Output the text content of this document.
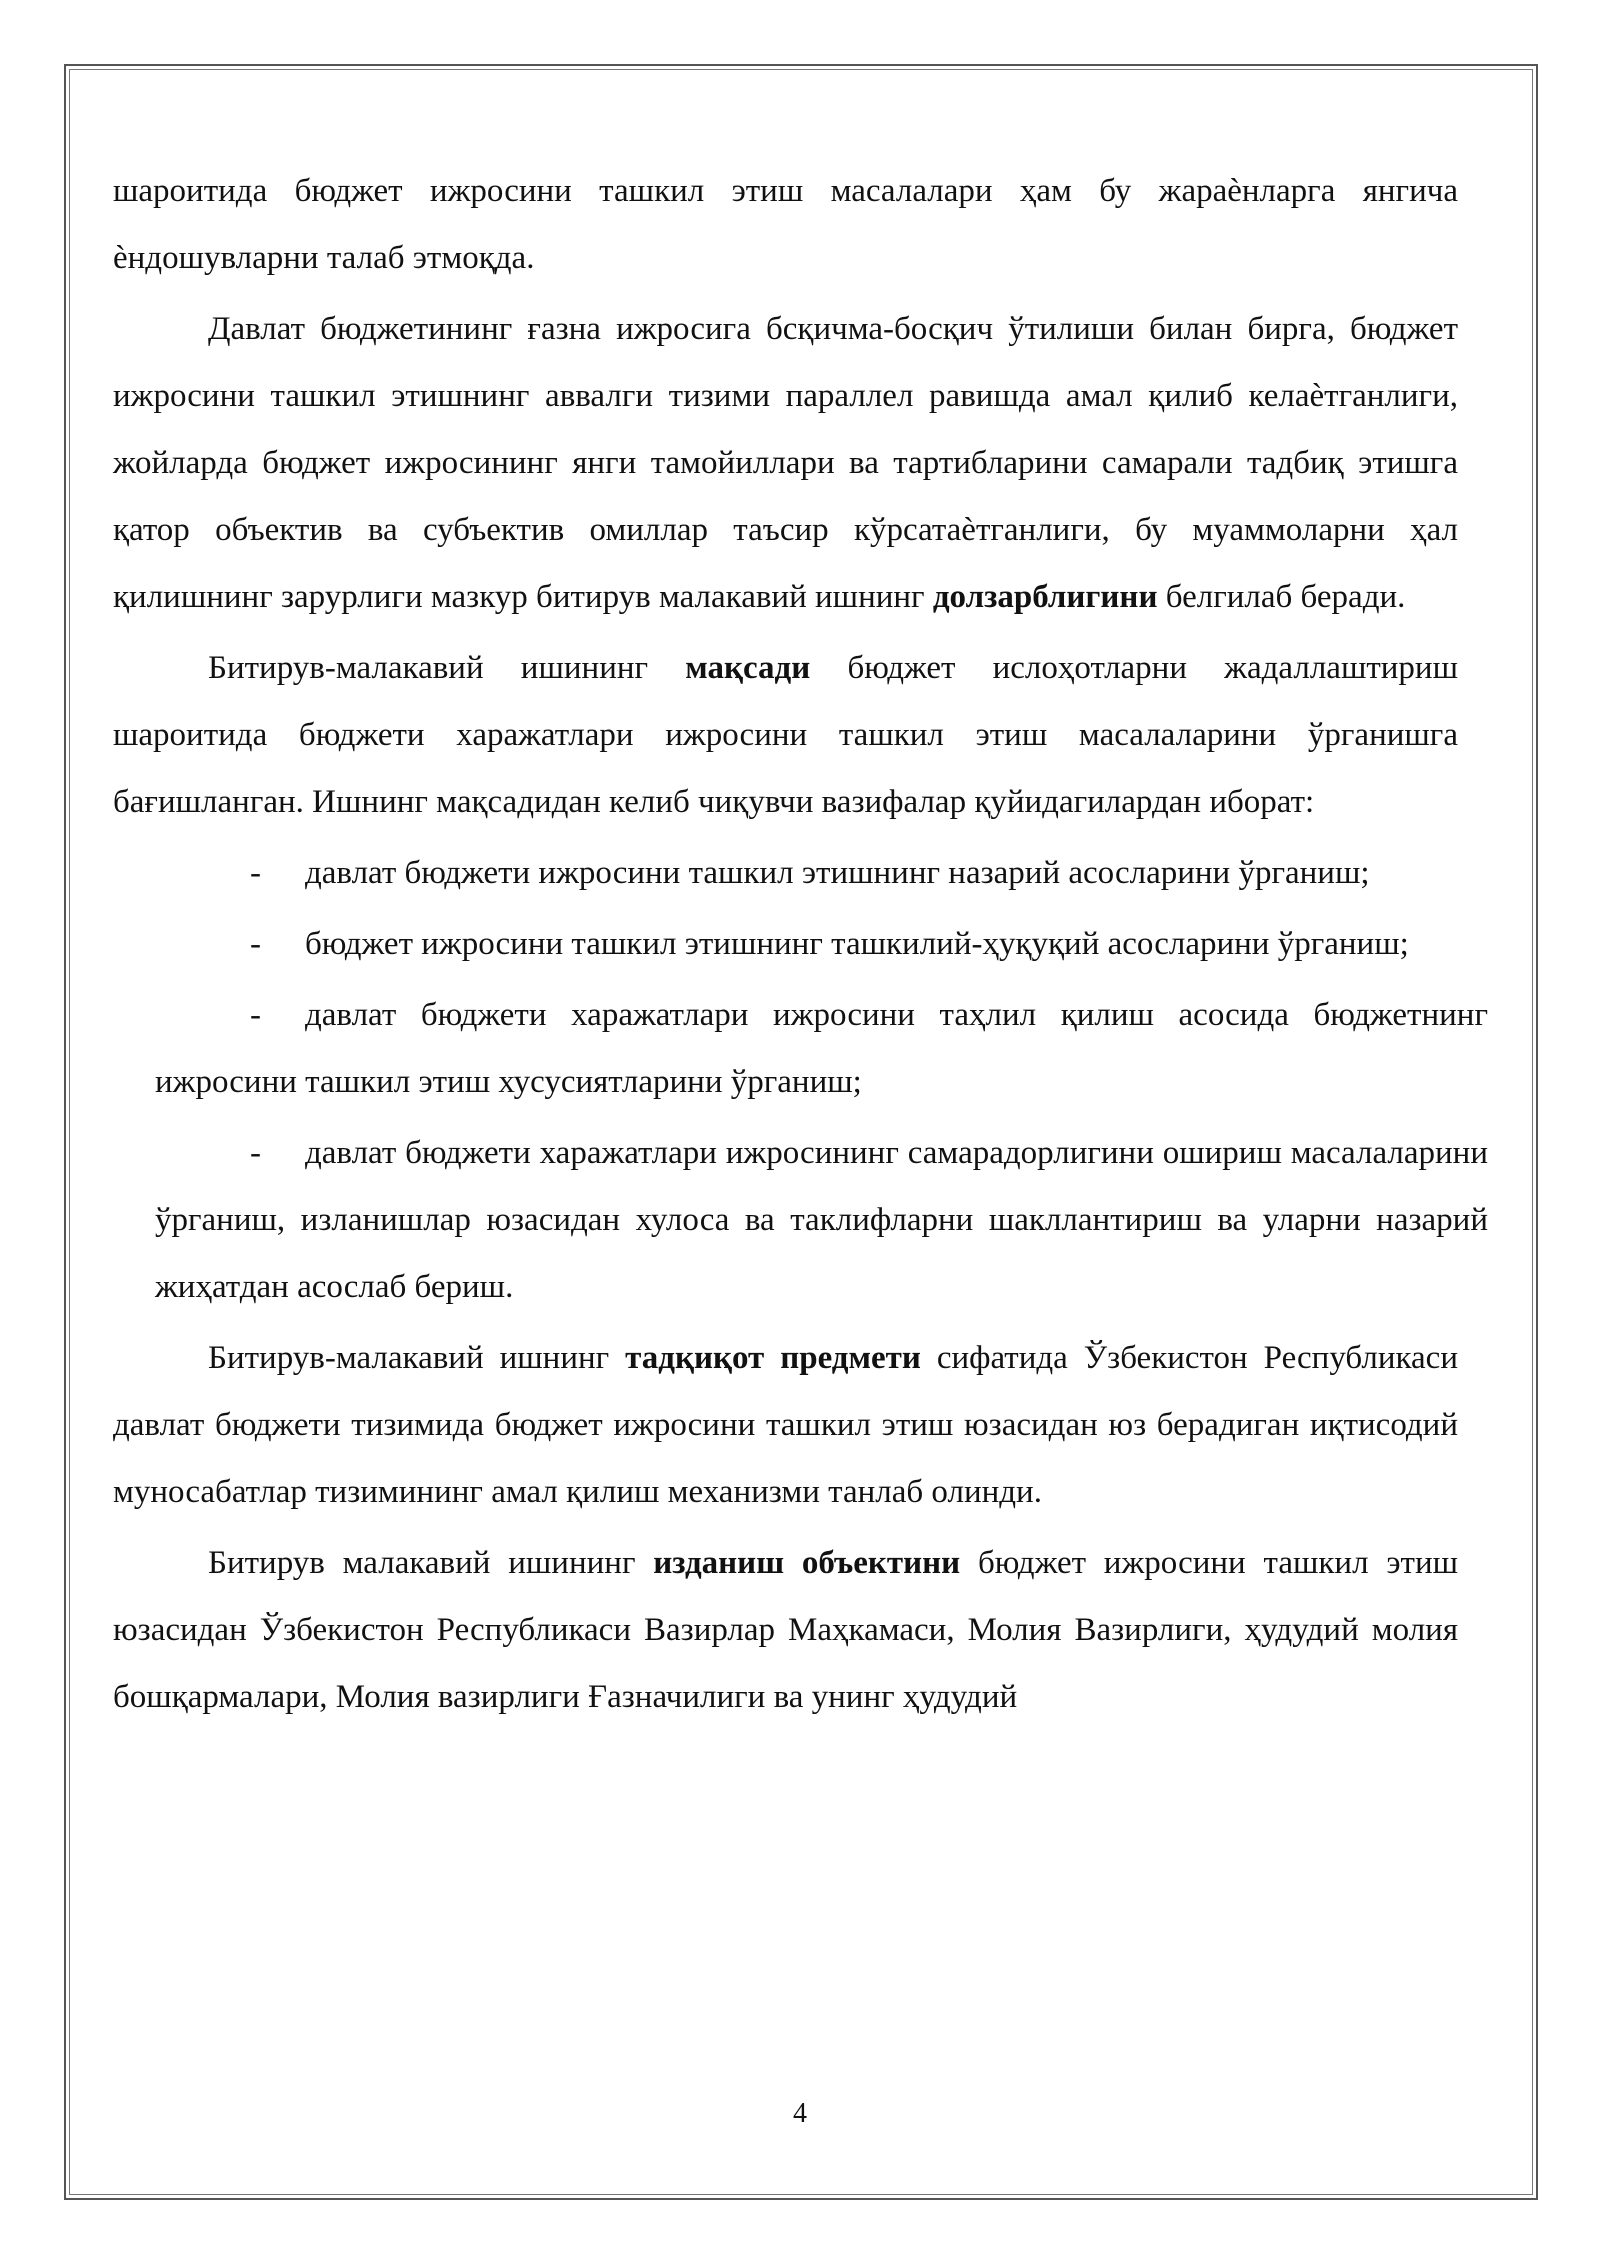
шароитида бюджет ижросини ташкил этиш масалалари ҳам бу жараѐнларга янгича ѐндошувларни талаб этмоқда.

Давлат бюджетининг ғазна ижросига бсқичма-босқич ўтилиши билан бирга, бюджет ижросини ташкил этишнинг аввалги тизими параллел равишда амал қилиб келаѐтганлиги, жойларда бюджет ижросининг янги тамойиллари ва тартибларини самарали тадбиқ этишга қатор объектив ва субъектив омиллар таъсир кўрсатаѐтганлиги, бу муаммоларни ҳал қилишнинг зарурлиги мазкур битирув малакавий ишнинг долзарблигини белгилаб беради.

Битирув-малакавий ишининг мақсади бюджет ислоҳотларни жадаллаштириш шароитида бюджети харажатлари ижросини ташкил этиш масалаларини ўрганишга бағишланган. Ишнинг мақсадидан келиб чиқувчи вазифалар қуйидагилардан иборат:

- давлат бюджети ижросини ташкил этишнинг назарий асосларини ўрганиш;

- бюджет ижросини ташкил этишнинг ташкилий-ҳуқуқий асосларини ўрганиш;

- давлат бюджети харажатлари ижросини таҳлил қилиш асосида бюджетнинг ижросини ташкил этиш хусусиятларини ўрганиш;

- давлат бюджети харажатлари ижросининг самарадорлигини ошириш масалаларини ўрганиш, изланишлар юзасидан хулоса ва таклифларни шакллантириш ва уларни назарий жиҳатдан асослаб бериш.

Битирув-малакавий ишнинг тадқиқот предмети сифатида Ўзбекистон Республикаси давлат бюджети тизимида бюджет ижросини ташкил этиш юзасидан юз берадиган иқтисодий муносабатлар тизимининг амал қилиш механизми танлаб олинди.

Битирув малакавий ишининг изданиш объектини бюджет ижросини ташкил этиш юзасидан Ўзбекистон Республикаси Вазирлар Маҳкамаси, Молия Вазирлиги, ҳудудий молия бошқармалари, Молия вазирлиги Ғазначилиги ва унинг ҳудудий

4
